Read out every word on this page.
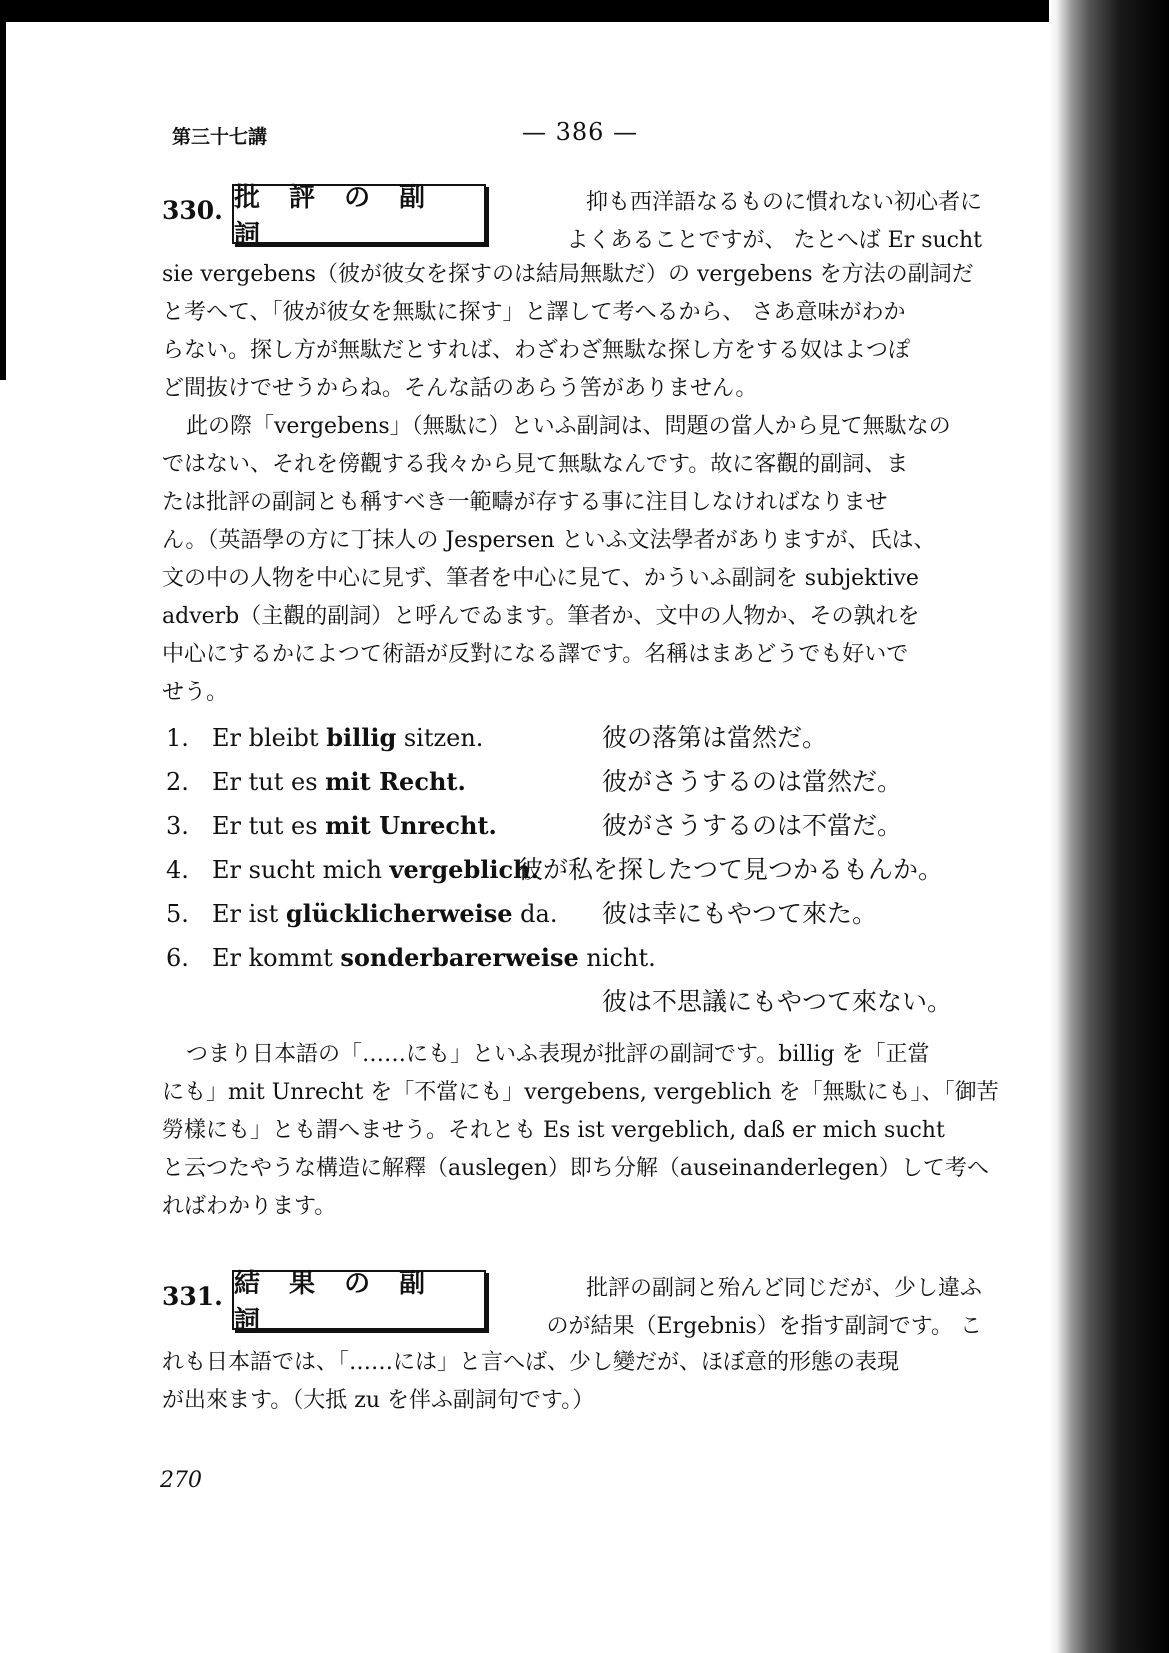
第三十七講	— 386 —
330. 批 評 の 副 詞
抑も西洋語なるものに慣れない初心者に
よくあることですが、 たとへば Er sucht
sie vergebens（彼が彼女を探すのは結局無駄だ）の vergebens を方法の副詞だ
と考へて、「彼が彼女を無駄に探す」と譯して考へるから、 さあ意味がわか
らない。探し方が無駄だとすれば、わざわざ無駄な探し方をする奴はよつぽ
ど間抜けでせうからね。そんな話のあらう筈がありません。
此の際「vergebens」（無駄に）といふ副詞は、問題の當人から見て無駄なの
ではない、それを傍觀する我々から見て無駄なんです。故に客觀的副詞、ま
たは批評の副詞とも稱すべき一範疇が存する事に注目しなければなりませ
ん。（英語學の方に丁抹人の Jespersen といふ文法學者がありますが、氏は、
文の中の人物を中心に見ず、筆者を中心に見て、かういふ副詞を subjektive
adverb（主觀的副詞）と呼んでゐます。筆者か、文中の人物か、その孰れを
中心にするかによつて術語が反對になる譯です。名稱はまあどうでも好いで
せう。
1. Er bleibt billig sitzen.	彼の落第は當然だ。
2. Er tut es mit Recht.	彼がさうするのは當然だ。
3. Er tut es mit Unrecht.	彼がさうするのは不當だ。
4. Er sucht mich vergeblich.
彼が私を探したつて見つかるもんか。
5. Er ist glücklicherweise da. 彼は幸にもやつて來た。
6. Er kommt sonderbarerweise nicht.
彼は不思議にもやつて來ない。
つまり日本語の「……にも」といふ表現が批評の副詞です。billig を「正當
にも」mit Unrecht を「不當にも」vergebens, vergeblich を「無駄にも」、「御苦
勞樣にも」とも謂へませう。それとも Es ist vergeblich, daß er mich sucht
と云つたやうな構造に解釋（auslegen）即ち分解（auseinanderlegen）して考へ
ればわかります。
331. 結 果 の 副 詞
批評の副詞と殆んど同じだが、少し違ふ
のが結果（Ergebnis）を指す副詞です。 こ
れも日本語では、「……には」と言へば、少し變だが、ほぼ意的形態の表現
が出來ます。（大抵 zu を伴ふ副詞句です。）
270
